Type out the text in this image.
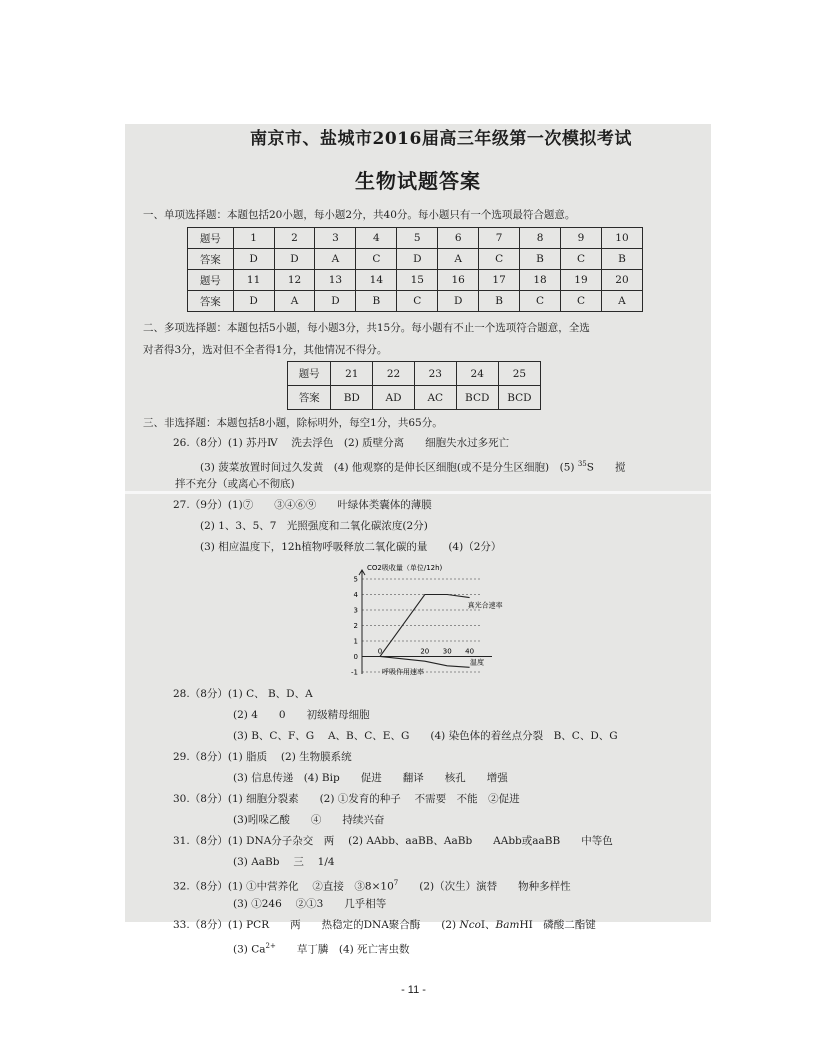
南京市、盐城市2016届高三年级第一次模拟考试
生物试题答案
一、单项选择题：本题包括20小题，每小题2分，共40分。每小题只有一个选项最符合题意。
题号	1	2	3	4	5	6	7	8	9	10
答案	D	D	A	C	D	A	C	B	C	B
题号	11	12	13	14	15	16	17	18	19	20
答案	D	A	D	B	C	D	B	C	C	A
二、多项选择题：本题包括5小题，每小题3分，共15分。每小题有不止一个选项符合题意，全选
对者得3分，选对但不全者得1分，其他情况不得分。
题号	21	22	23	24	25
答案	BD	AD	AC	BCD	BCD
三、非选择题：本题包括8小题，除标明外，每空1分，共65分。
26.（8分）(1) 苏丹Ⅳ　 洗去浮色　(2) 质壁分离　　细胞失水过多死亡
(3) 菠菜放置时间过久发黄　(4) 他观察的是伸长区细胞(或不是分生区细胞)　(5) $^{35}$S　　搅
拌不充分（或离心不彻底)
27.（9分）(1)⑦　　③④⑥⑨　　叶绿体类囊体的薄膜
(2) 1、3、5、7　光照强度和二氧化碳浓度(2分)
(3) 相应温度下，12h植物呼吸释放二氧化碳的量　　(4)（2分）
CO2吸收量（单位/12h)
5
4
3
2
1
0
-1
0	20 30 40
温度
真光合速率
呼吸作用速率
28.（8分）(1) C、 B、D、A
(2) 4　　0　　初级精母细胞
(3) B、C、F、G　 A、B、C、E、G　　(4) 染色体的着丝点分裂　B、C、D、G
29.（8分）(1) 脂质　 (2) 生物膜系统
(3) 信息传递　(4) Bip　　促进　　翻译　　核孔　　增强
30.（8分）(1) 细胞分裂素　　(2) ①发育的种子　 不需要　不能　②促进
(3)吲哚乙酸　　④　　持续兴奋
31.（8分）(1) DNA分子杂交　两　 (2) AAbb、aaBB、AaBb　　AAbb或aaBB　　中等色
(3) AaBb　 三　 1/4
32.（8分）(1) ①中营养化　 ②直接　$③8\times 10^7$　　(2)（次生）演替　　物种多样性
(3) ①246　 ②①3　　几乎相等
33.（8分）(1) PCR　　两　　热稳定的DNA聚合酶　　(2) NcoⅠ、BamHⅠ　磷酸二酯键
(3) $Ca^{2+}$　　草丁膦　(4) 死亡害虫数
- 11 -
